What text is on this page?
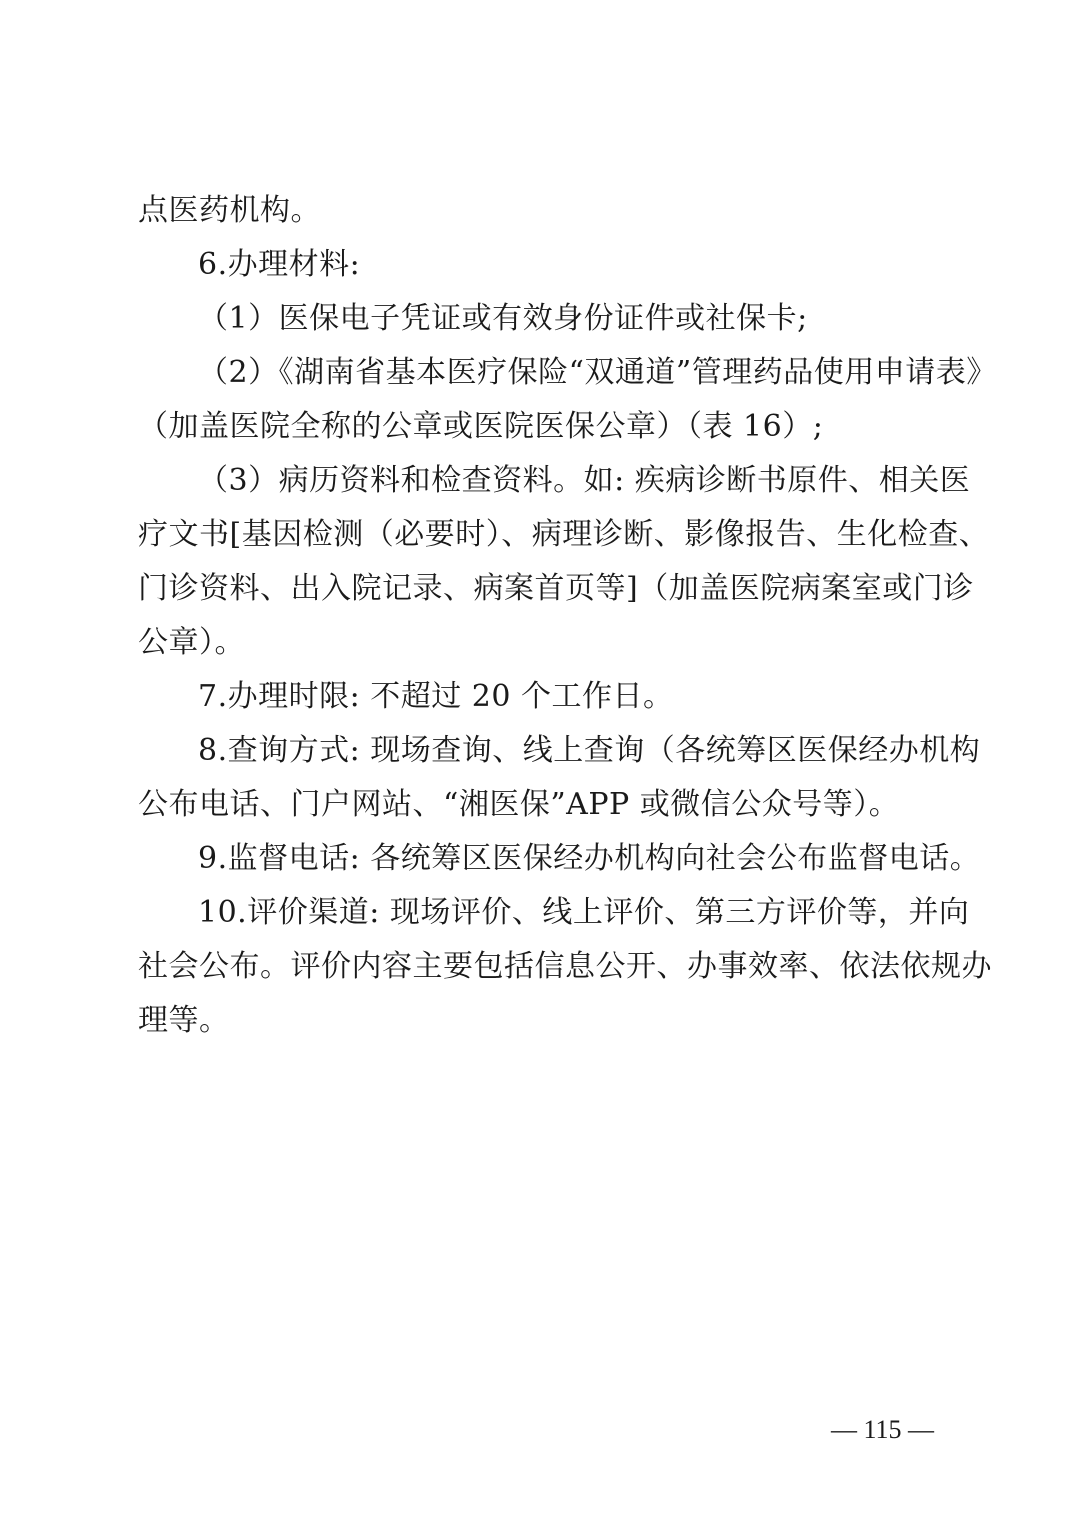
点医药机构。
6.办理材料:
（1）医保电子凭证或有效身份证件或社保卡;
（2）《湖南省基本医疗保险“双通道”管理药品使用申请表》
（加盖医院全称的公章或医院医保公章）（表 16）;
（3）病历资料和检查资料。如: 疾病诊断书原件、相关医
疗文书[基因检测（必要时）、病理诊断、影像报告、生化检查、
门诊资料、出入院记录、病案首页等]（加盖医院病案室或门诊
公章）。
7.办理时限: 不超过 20 个工作日。
8.查询方式: 现场查询、线上查询（各统筹区医保经办机构
公布电话、门户网站、“湘医保”APP 或微信公众号等）。
9.监督电话: 各统筹区医保经办机构向社会公布监督电话。
10.评价渠道: 现场评价、线上评价、第三方评价等，并向
社会公布。评价内容主要包括信息公开、办事效率、依法依规办
理等。
— 115 —
